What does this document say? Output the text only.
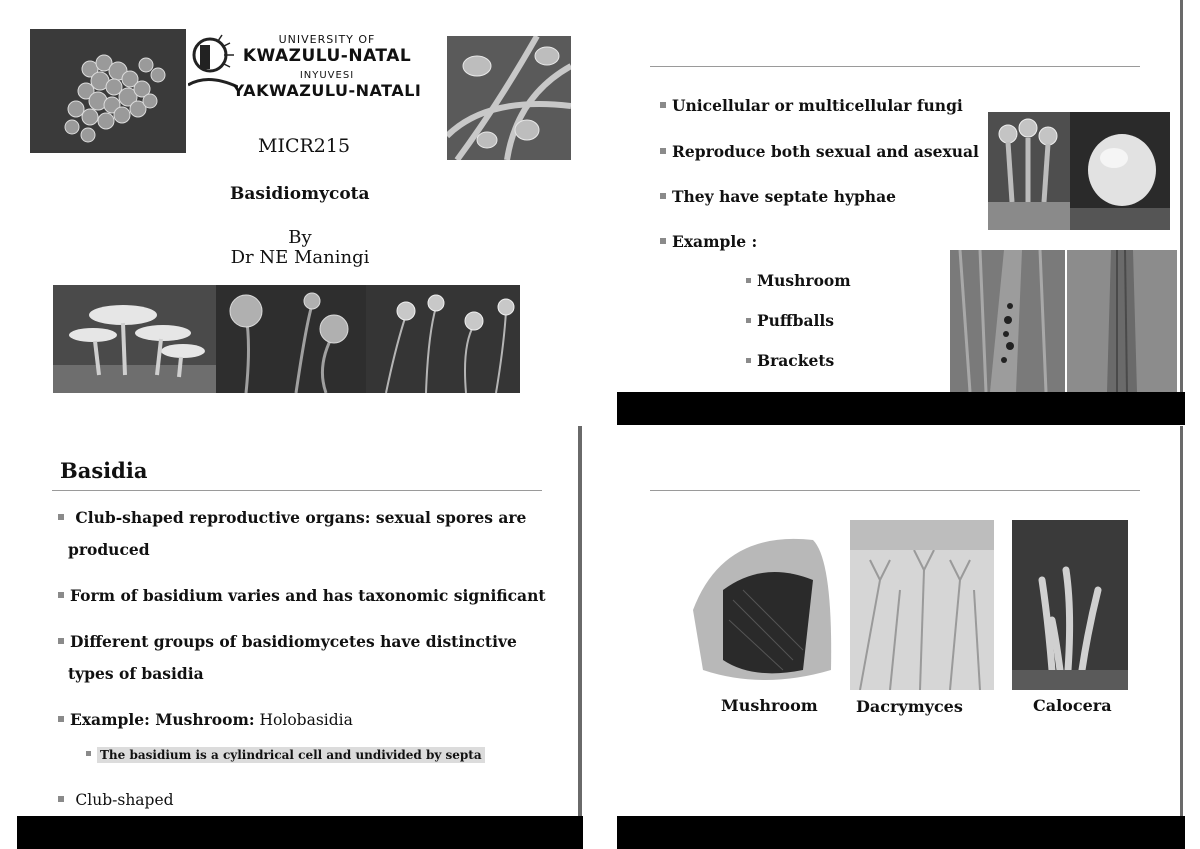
UNIVERSITY OF
KWAZULU-NATAL
INYUVESI
YAKWAZULU-NATALI
MICR215
Basidiomycota
By
Dr NE Maningi
Unicellular or multicellular fungi
Reproduce both sexual and asexual
They have septate hyphae
Example :
Mushroom
Puffballs
Brackets
Basidia
Club-shaped reproductive organs: sexual spores are
produced
Form of basidium varies and has taxonomic significant
Different groups of basidiomycetes have distinctive
types of basidia
Example: Mushroom: Holobasidia
The basidium is a cylindrical cell and undivided by septa
Club-shaped
Mushroom Dacrymyces	Calocera
